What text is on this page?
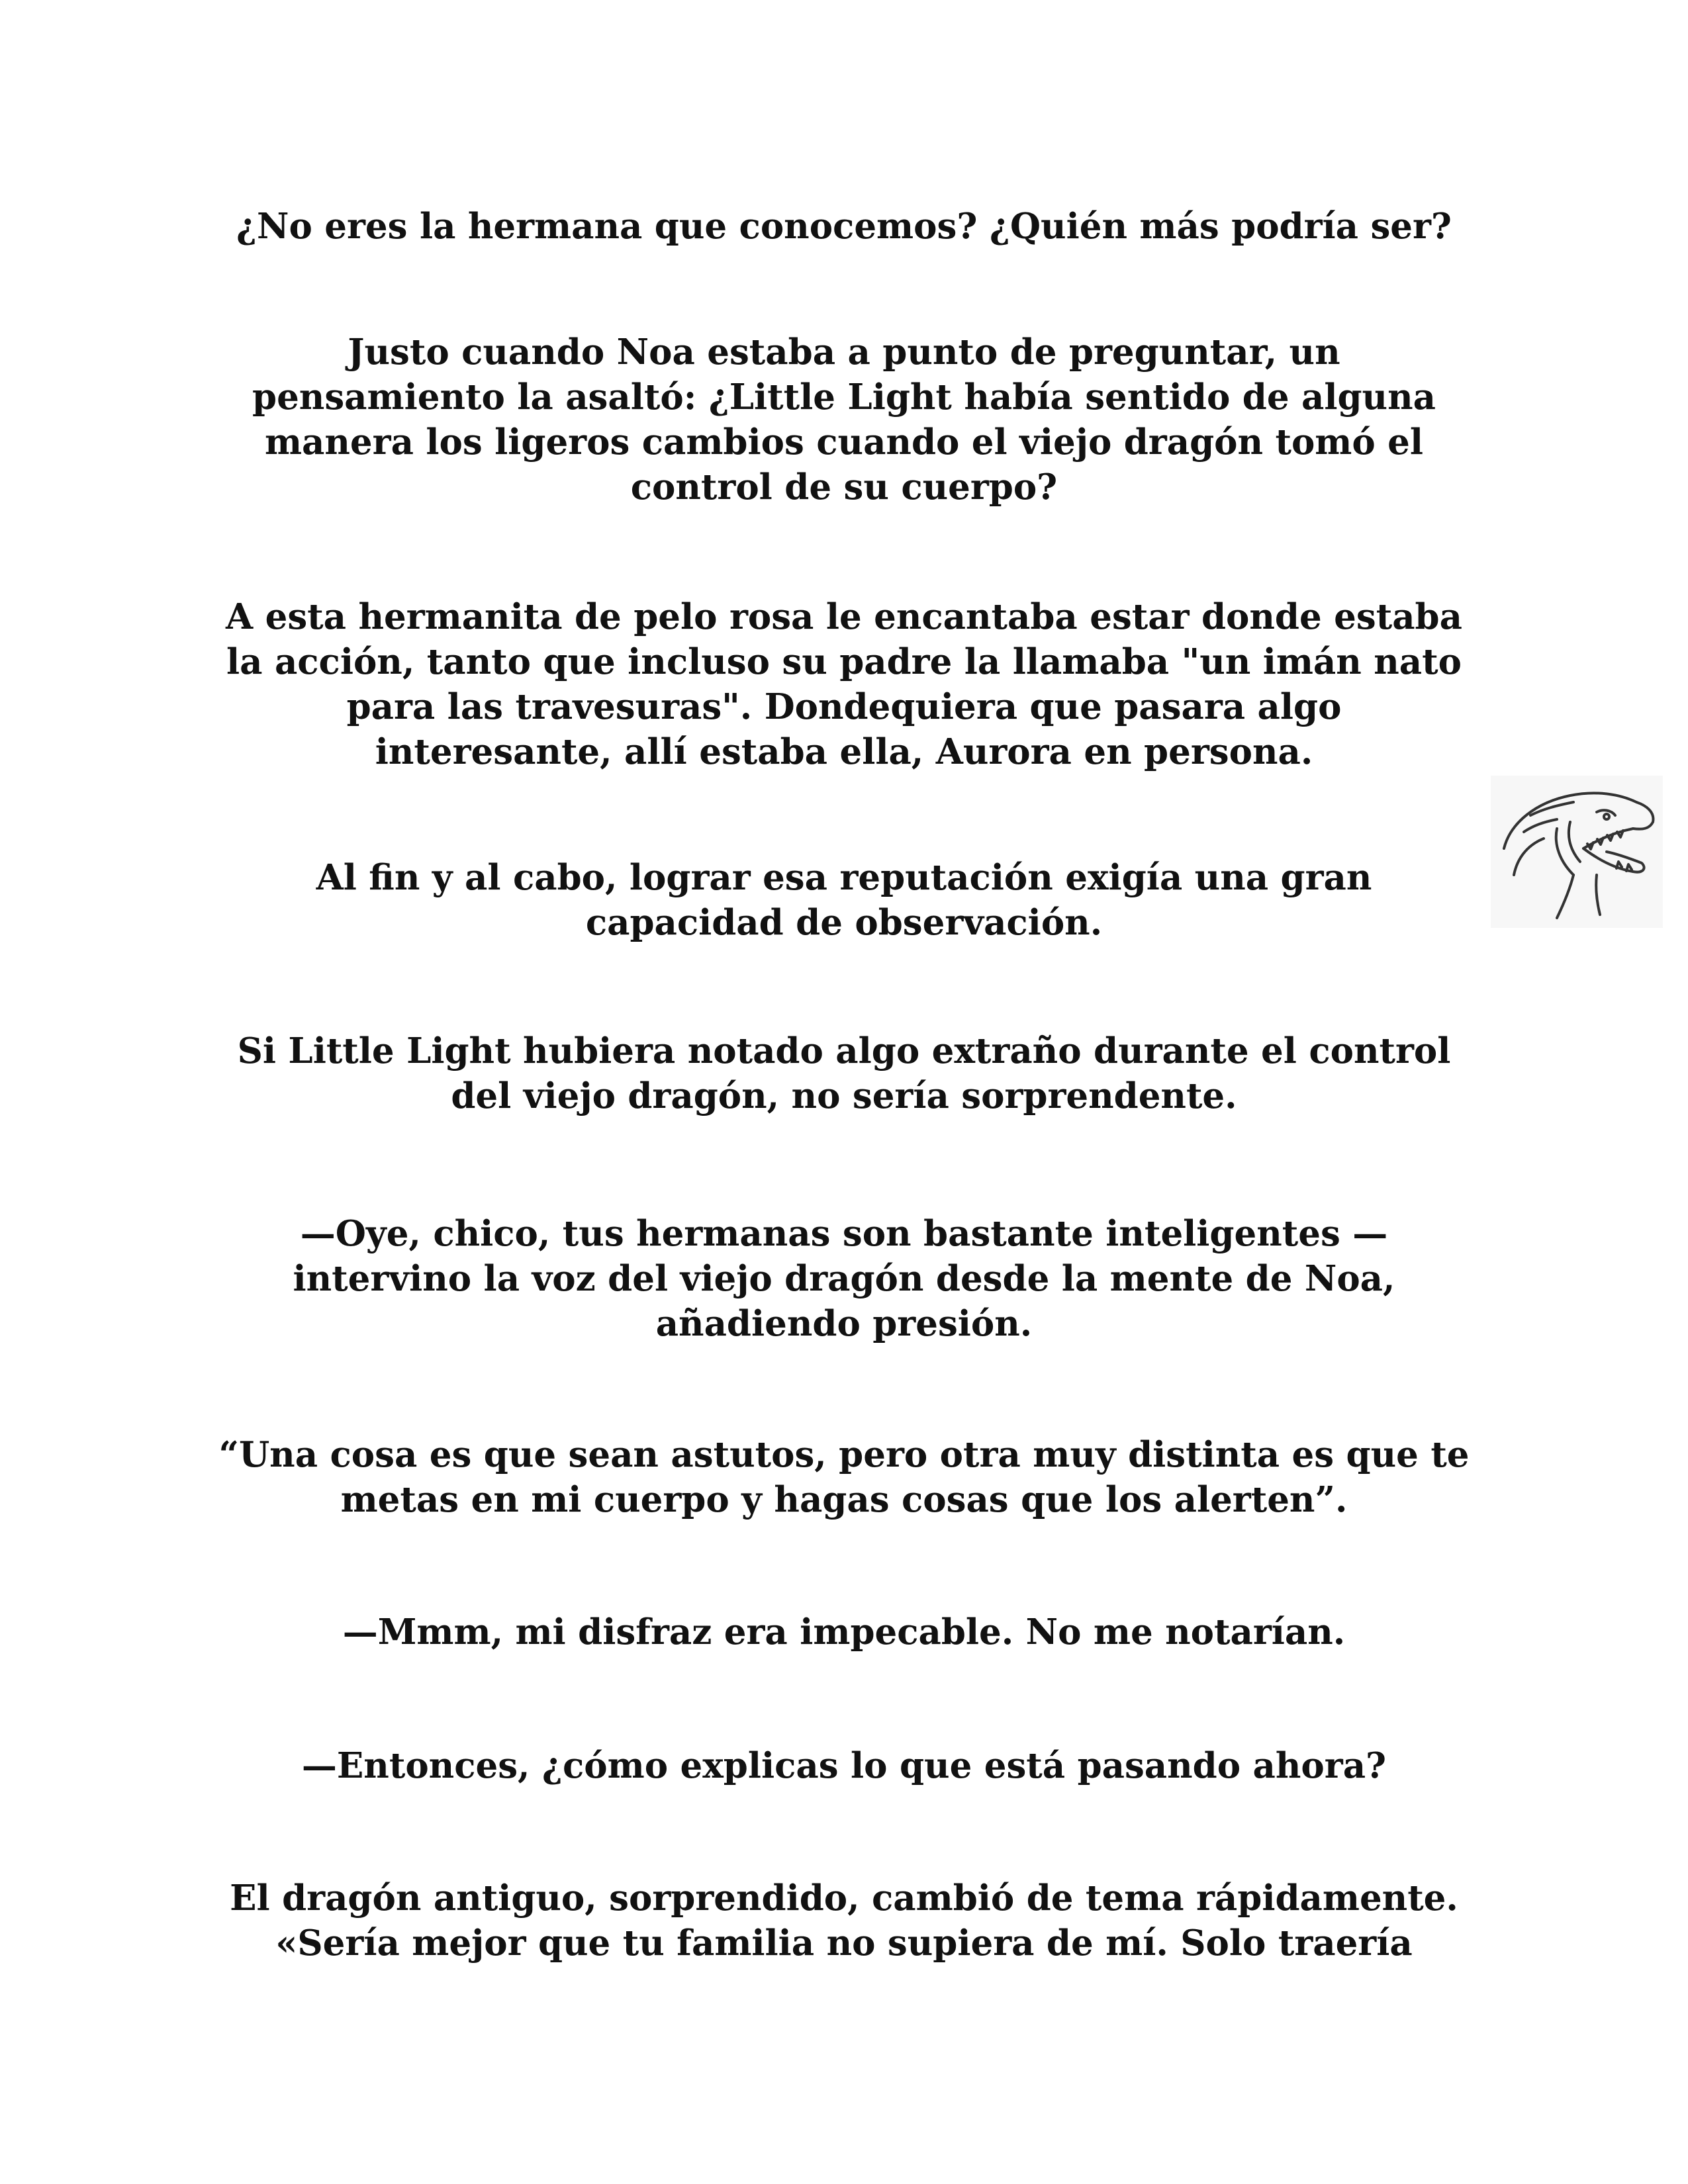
¿No eres la hermana que conocemos? ¿Quién más podría ser?

Justo cuando Noa estaba a punto de preguntar, un
pensamiento la asaltó: ¿Little Light había sentido de alguna
manera los ligeros cambios cuando el viejo dragón tomó el
control de su cuerpo?

A esta hermanita de pelo rosa le encantaba estar donde estaba
la acción, tanto que incluso su padre la llamaba "un imán nato
para las travesuras". Dondequiera que pasara algo
interesante, allí estaba ella, Aurora en persona.

Al fin y al cabo, lograr esa reputación exigía una gran
capacidad de observación.

Si Little Light hubiera notado algo extraño durante el control
del viejo dragón, no sería sorprendente.

—Oye, chico, tus hermanas son bastante inteligentes —
intervino la voz del viejo dragón desde la mente de Noa,
añadiendo presión.

“Una cosa es que sean astutos, pero otra muy distinta es que te
metas en mi cuerpo y hagas cosas que los alerten”.

—Mmm, mi disfraz era impecable. No me notarían.

—Entonces, ¿cómo explicas lo que está pasando ahora?

El dragón antiguo, sorprendido, cambió de tema rápidamente.
«Sería mejor que tu familia no supiera de mí. Solo traería
